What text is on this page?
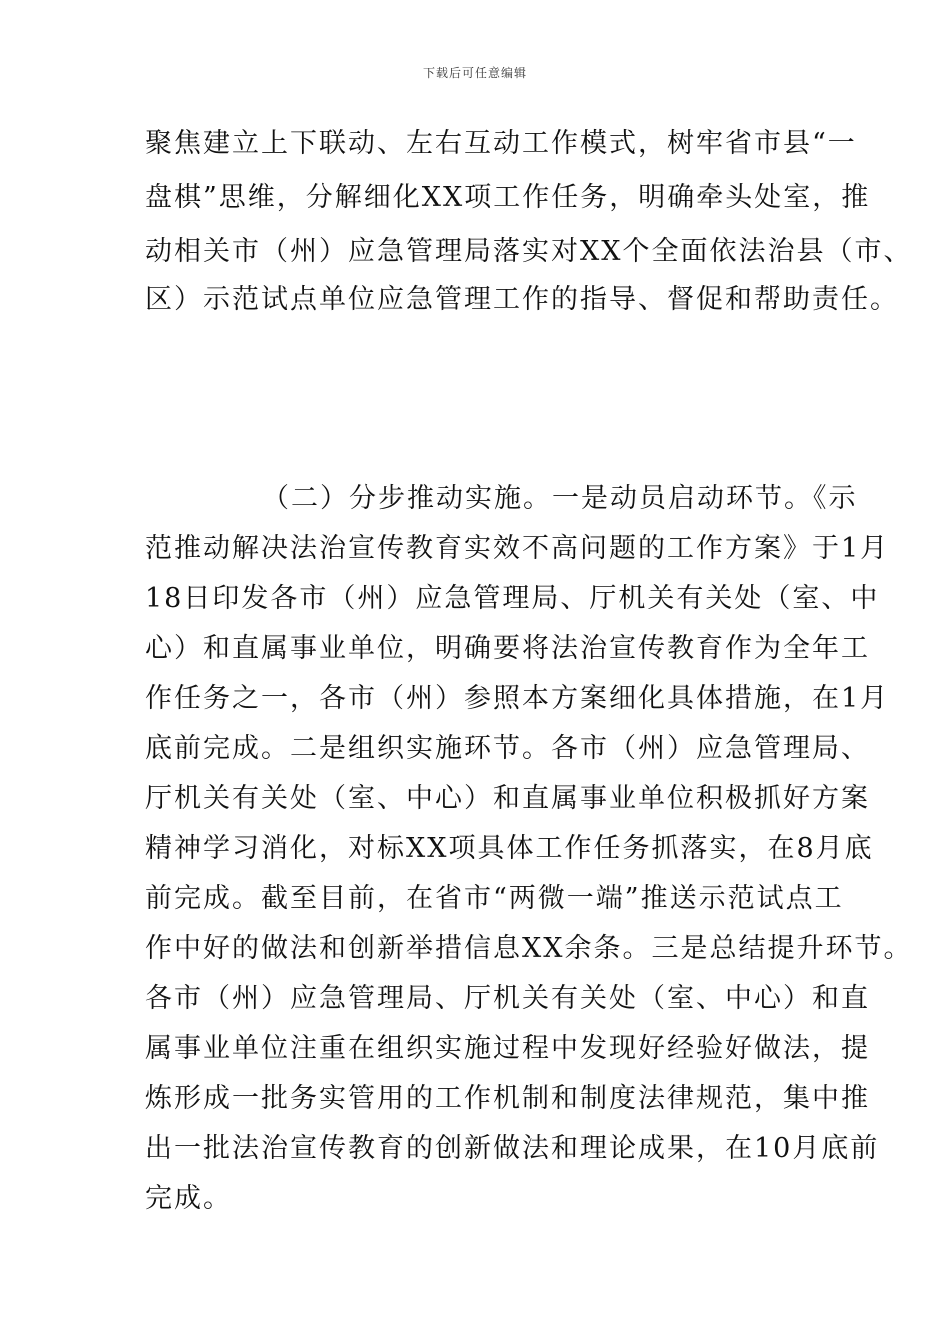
下载后可任意编辑
聚焦建立上下联动、左右互动工作模式，树牢省市县“一
盘棋”思维，分解细化XX项工作任务，明确牵头处室，推
动相关市（州）应急管理局落实对XX个全面依法治县（市、
区）示范试点单位应急管理工作的指导、督促和帮助责任。
（二）分步推动实施。一是动员启动环节。《示
范推动解决法治宣传教育实效不高问题的工作方案》于1月
18日印发各市（州）应急管理局、厅机关有关处（室、中
心）和直属事业单位，明确要将法治宣传教育作为全年工
作任务之一，各市（州）参照本方案细化具体措施，在1月
底前完成。二是组织实施环节。各市（州）应急管理局、
厅机关有关处（室、中心）和直属事业单位积极抓好方案
精神学习消化，对标XX项具体工作任务抓落实，在8月底
前完成。截至目前，在省市“两微一端”推送示范试点工
作中好的做法和创新举措信息XX余条。三是总结提升环节。
各市（州）应急管理局、厅机关有关处（室、中心）和直
属事业单位注重在组织实施过程中发现好经验好做法，提
炼形成一批务实管用的工作机制和制度法律规范，集中推
出一批法治宣传教育的创新做法和理论成果，在10月底前
完成。
